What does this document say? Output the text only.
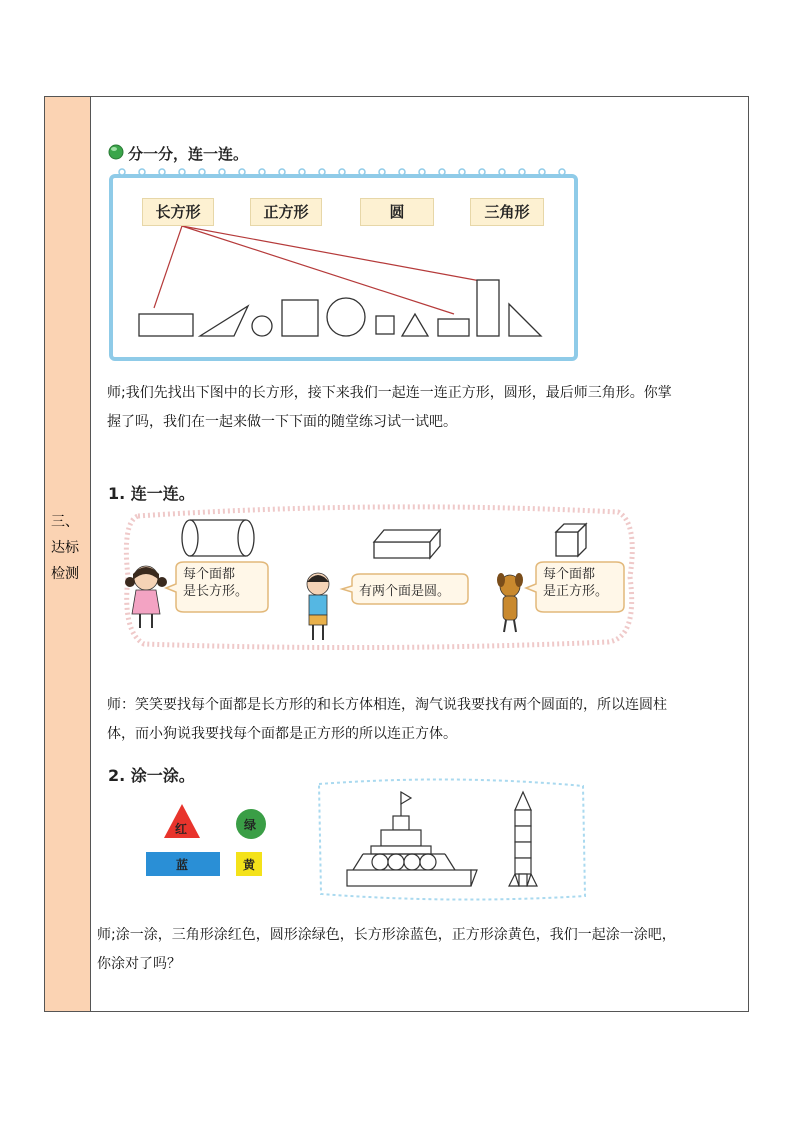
三、
达标
检测
分一分，连一连。
长方形	正方形	圆	三角形
师;我们先找出下图中的长方形，接下来我们一起连一连正方形，圆形，最后师三角形。你掌
握了吗，我们在一起来做一下下面的随堂练习试一试吧。
1. 连一连。
每个面都
是长方形。	有两个面是圆。
每个面都
是正方形。
师：笑笑要找每个面都是长方形的和长方体相连，淘气说我要找有两个圆面的，所以连圆柱
体，而小狗说我要找每个面都是正方形的所以连正方体。
2. 涂一涂。
红	绿
蓝	黄
师;涂一涂，三角形涂红色，圆形涂绿色，长方形涂蓝色，正方形涂黄色，我们一起涂一涂吧，
你涂对了吗？
